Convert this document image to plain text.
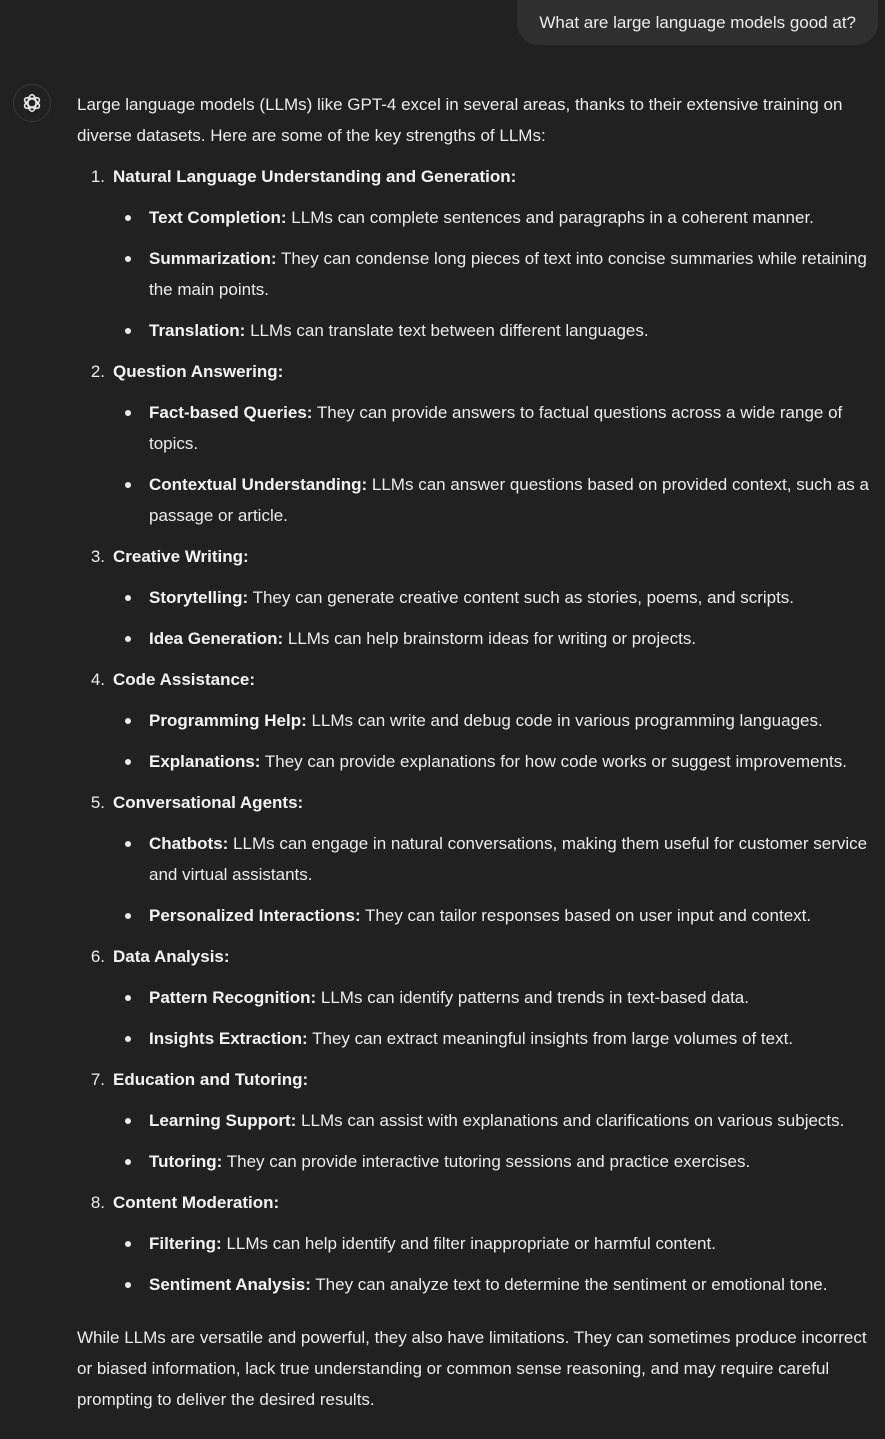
What are large language models good at?

Large language models (LLMs) like GPT-4 excel in several areas, thanks to their extensive training on diverse datasets. Here are some of the key strengths of LLMs:

1. Natural Language Understanding and Generation:
Text Completion: LLMs can complete sentences and paragraphs in a coherent manner.
Summarization: They can condense long pieces of text into concise summaries while retaining the main points.
Translation: LLMs can translate text between different languages.
2. Question Answering:
Fact-based Queries: They can provide answers to factual questions across a wide range of topics.
Contextual Understanding: LLMs can answer questions based on provided context, such as a passage or article.
3. Creative Writing:
Storytelling: They can generate creative content such as stories, poems, and scripts.
Idea Generation: LLMs can help brainstorm ideas for writing or projects.
4. Code Assistance:
Programming Help: LLMs can write and debug code in various programming languages.
Explanations: They can provide explanations for how code works or suggest improvements.
5. Conversational Agents:
Chatbots: LLMs can engage in natural conversations, making them useful for customer service and virtual assistants.
Personalized Interactions: They can tailor responses based on user input and context.
6. Data Analysis:
Pattern Recognition: LLMs can identify patterns and trends in text-based data.
Insights Extraction: They can extract meaningful insights from large volumes of text.
7. Education and Tutoring:
Learning Support: LLMs can assist with explanations and clarifications on various subjects.
Tutoring: They can provide interactive tutoring sessions and practice exercises.
8. Content Moderation:
Filtering: LLMs can help identify and filter inappropriate or harmful content.
Sentiment Analysis: They can analyze text to determine the sentiment or emotional tone.

While LLMs are versatile and powerful, they also have limitations. They can sometimes produce incorrect or biased information, lack true understanding or common sense reasoning, and may require careful prompting to deliver the desired results.
